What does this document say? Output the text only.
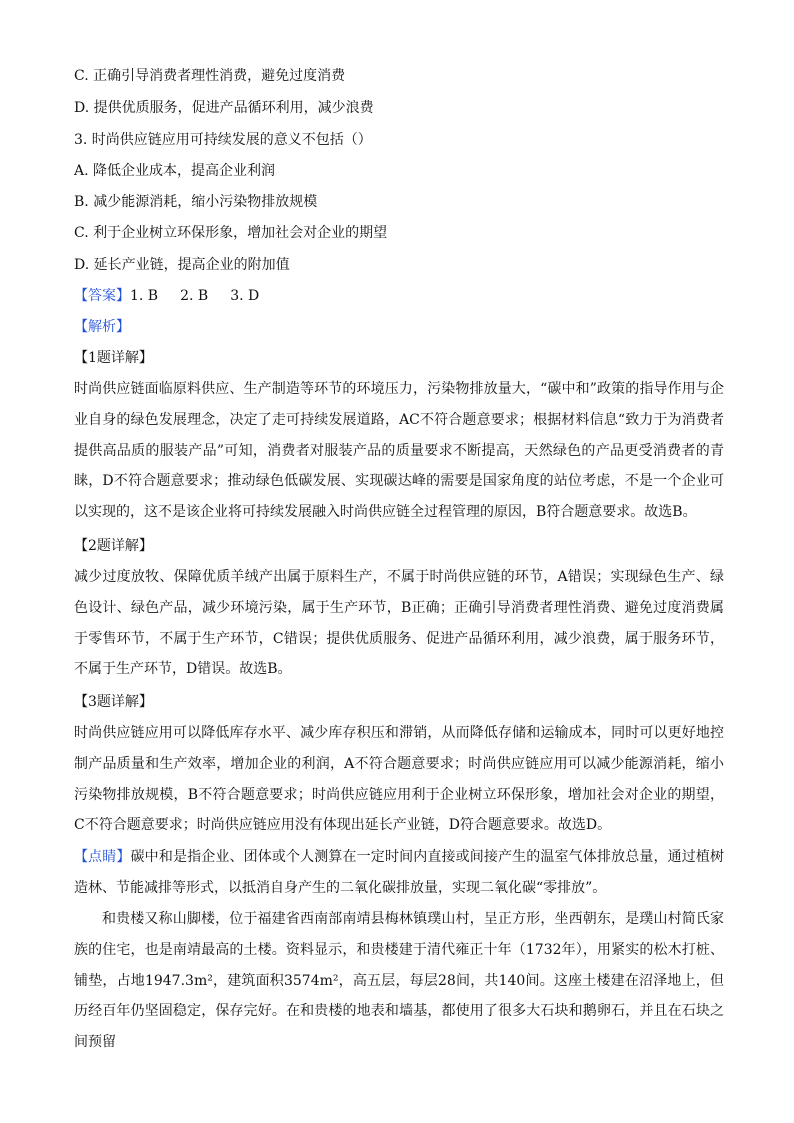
C. 正确引导消费者理性消费，避免过度消费
D. 提供优质服务，促进产品循环利用，减少浪费
3. 时尚供应链应用可持续发展的意义不包括（）
A. 降低企业成本，提高企业利润
B. 减少能源消耗，缩小污染物排放规模
C. 利于企业树立环保形象，增加社会对企业的期望
D. 延长产业链，提高企业的附加值
【答案】1. B 2. B 3. D
【解析】
【1题详解】
时尚供应链面临原料供应、生产制造等环节的环境压力，污染物排放量大，“碳中和”政策的指导作用与企业自身的绿色发展理念，决定了走可持续发展道路，AC不符合题意要求；根据材料信息“致力于为消费者提供高品质的服装产品”可知，消费者对服装产品的质量要求不断提高，天然绿色的产品更受消费者的青睐，D不符合题意要求；推动绿色低碳发展、实现碳达峰的需要是国家角度的站位考虑，不是一个企业可以实现的，这不是该企业将可持续发展融入时尚供应链全过程管理的原因，B符合题意要求。故选B。
【2题详解】
减少过度放牧、保障优质羊绒产出属于原料生产，不属于时尚供应链的环节，A错误；实现绿色生产、绿色设计、绿色产品，减少环境污染，属于生产环节，B正确；正确引导消费者理性消费、避免过度消费属于零售环节，不属于生产环节，C错误；提供优质服务、促进产品循环利用，减少浪费，属于服务环节，不属于生产环节，D错误。故选B。
【3题详解】
时尚供应链应用可以降低库存水平、减少库存积压和滞销，从而降低存储和运输成本，同时可以更好地控制产品质量和生产效率，增加企业的利润，A不符合题意要求；时尚供应链应用可以减少能源消耗，缩小污染物排放规模，B不符合题意要求；时尚供应链应用利于企业树立环保形象，增加社会对企业的期望，C不符合题意要求；时尚供应链应用没有体现出延长产业链，D符合题意要求。故选D。
【点睛】碳中和是指企业、团体或个人测算在一定时间内直接或间接产生的温室气体排放总量，通过植树造林、节能减排等形式，以抵消自身产生的二氧化碳排放量，实现二氧化碳“零排放”。
和贵楼又称山脚楼，位于福建省西南部南靖县梅林镇璞山村，呈正方形，坐西朝东，是璞山村简氏家族的住宅，也是南靖最高的土楼。资料显示，和贵楼建于清代雍正十年（1732年），用紧实的松木打桩、铺垫，占地1947.3m²，建筑面积3574m²，高五层，每层28间，共140间。这座土楼建在沼泽地上，但历经百年仍坚固稳定，保存完好。在和贵楼的地表和墙基，都使用了很多大石块和鹅卵石，并且在石块之间预留
